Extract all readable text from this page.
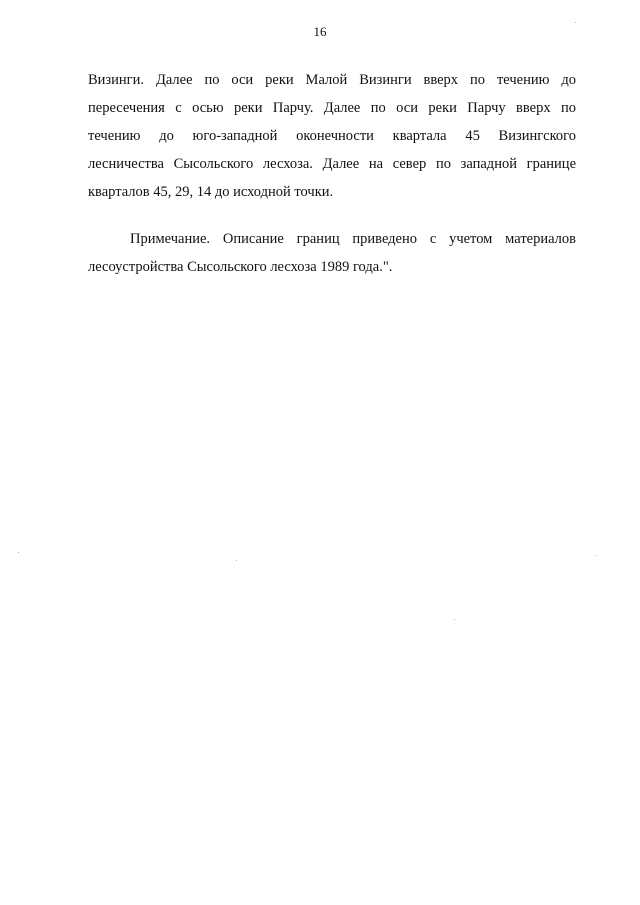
16
Визинги. Далее по оси реки Малой Визинги вверх по течению до
пересечения с осью реки Парчу. Далее по оси реки Парчу вверх по
течению до юго-западной оконечности квартала 45 Визингского
лесничества Сысольского лесхоза. Далее на север по западной границе
кварталов 45, 29, 14 до исходной точки.
Примечание. Описание границ приведено с учетом материалов
лесоустройства Сысольского лесхоза 1989 года.".
